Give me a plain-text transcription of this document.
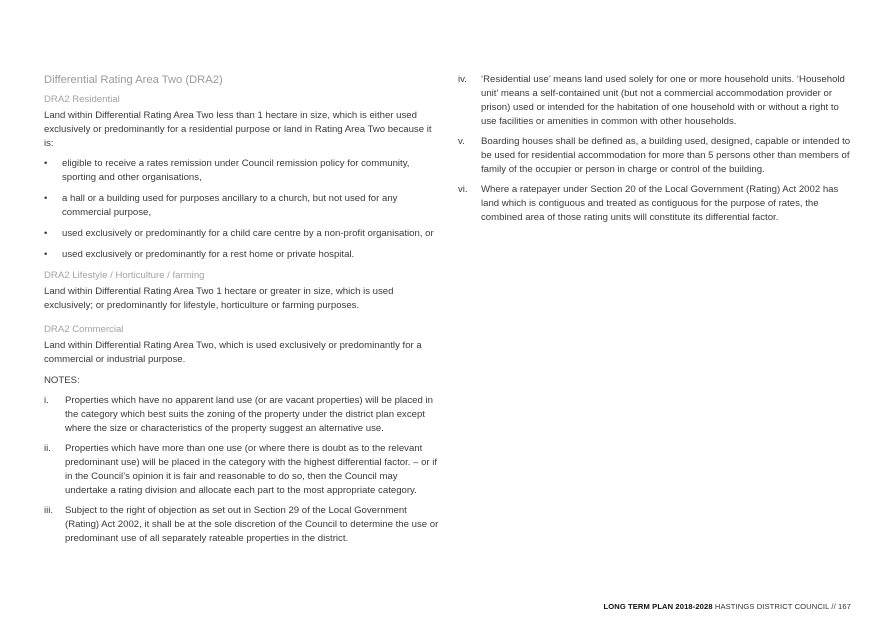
Differential Rating Area Two (DRA2)
DRA2 Residential

Land within Differential Rating Area Two less than 1 hectare in size, which is either used exclusively or predominantly for a residential purpose or land in Rating Area Two because it is:

• eligible to receive a rates remission under Council remission policy for community, sporting and other organisations,
• a hall or a building used for purposes ancillary to a church, but not used for any commercial purpose,
• used exclusively or predominantly for a child care centre by a non-profit organisation, or
• used exclusively or predominantly for a rest home or private hospital.
DRA2 Lifestyle / Horticulture / farming

Land within Differential Rating Area Two 1 hectare or greater in size, which is used exclusively; or predominantly for lifestyle, horticulture or farming purposes.

DRA2 Commercial

Land within Differential Rating Area Two, which is used exclusively or predominantly for a commercial or industrial purpose.

NOTES:

i.	Properties which have no apparent land use (or are vacant properties) will be placed in the category which best suits the zoning of the property under the district plan except where the size or characteristics of the property suggest an alternative use.
ii.	Properties which have more than one use (or where there is doubt as to the relevant predominant use) will be placed in the category with the highest differential factor. – or if in the Council’s opinion it is fair and reasonable to do so, then the Council may undertake a rating division and allocate each part to the most appropriate category.
iii.	Subject to the right of objection as set out in Section 29 of the Local Government (Rating) Act 2002, it shall be at the sole discretion of the Council to determine the use or predominant use of all separately rateable properties in the district.
iv.	‘Residential use’ means land used solely for one or more household units. ‘Household unit’ means a self-contained unit (but not a commercial accommodation provider or prison) used or intended for the habitation of one household with or without a right to use facilities or amenities in common with other households.
v.	Boarding houses shall be defined as, a building used, designed, capable or intended to be used for residential accommodation for more than 5 persons other than members of family of the occupier or person in charge or control of the building.
vi.	Where a ratepayer under Section 20 of the Local Government (Rating) Act 2002 has land which is contiguous and treated as contiguous for the purpose of rates, the combined area of those rating units will constitute its differential factor.
LONG TERM PLAN 2018-2028 HASTINGS DISTRICT COUNCIL // 167
